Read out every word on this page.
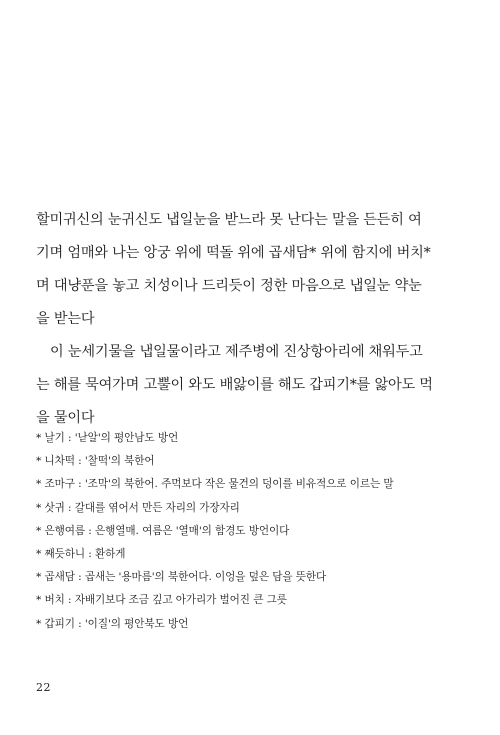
할미귀신의 눈귀신도 냅일눈을 받느라 못 난다는 말을 든든히 여
기며 엄매와 나는 앙궁 위에 떡돌 위에 곱새담* 위에 함지에 버치*
며 대냥푼을 놓고 치성이나 드리듯이 정한 마음으로 냅일눈 약눈
을 받는다
이 눈세기물을 냅일물이라고 제주병에 진상항아리에 채워두고
는 해를 묵여가며 고뿔이 와도 배앓이를 해도 갑피기*를 앓아도 먹
을 물이다
* 날기 : '낟알'의 평안남도 방언
* 니차떡 : '찰떡'의 북한어
* 조마구 : '조막'의 북한어. 주먹보다 작은 물건의 덩이를 비유적으로 이르는 말
* 삿귀 : 갈대를 엮어서 만든 자리의 가장자리
* 은행여름 : 은행열매. 여름은 '열매'의 함경도 방언이다
* 째듯하니 : 환하게
* 곱새담 : 곱새는 '용마름'의 북한어다. 이엉을 덮은 담을 뜻한다
* 버치 : 자배기보다 조금 깊고 아가리가 벌어진 큰 그릇
* 갑피기 : '이질'의 평안북도 방언
22
